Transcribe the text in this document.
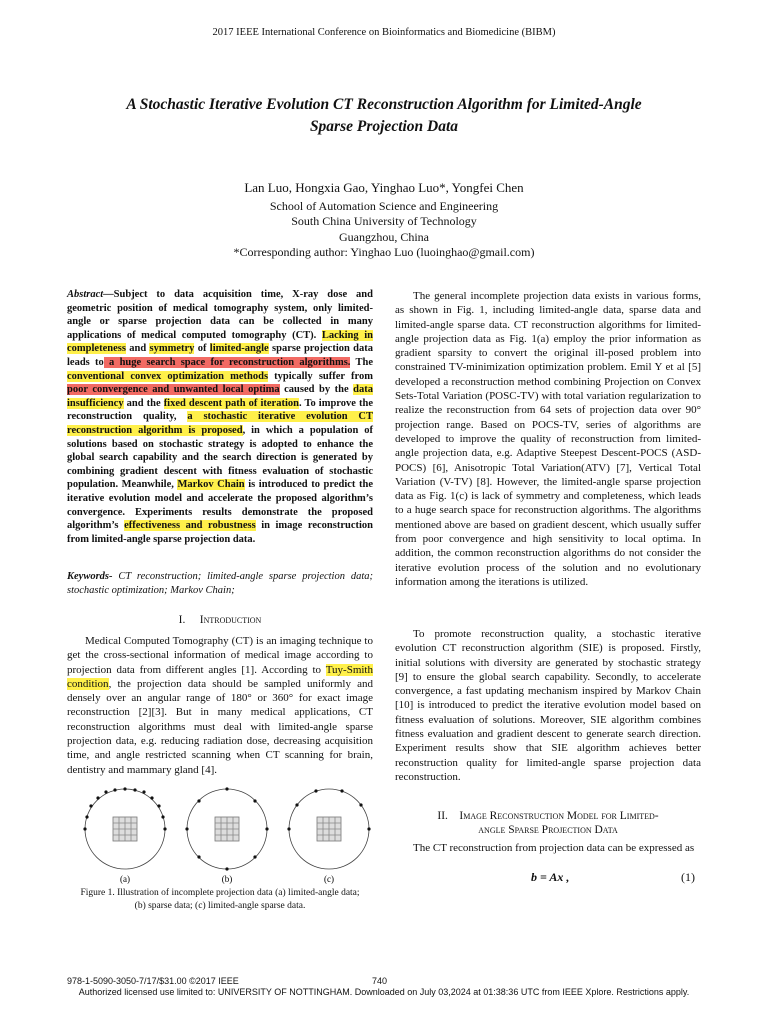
2017 IEEE International Conference on Bioinformatics and Biomedicine (BIBM)
A Stochastic Iterative Evolution CT Reconstruction Algorithm for Limited-Angle
Sparse Projection Data
Lan Luo, Hongxia Gao, Yinghao Luo*, Yongfei Chen
School of Automation Science and Engineering
South China University of Technology
Guangzhou, China
*Corresponding author: Yinghao Luo (luoinghao@gmail.com)
Abstract—Subject to data acquisition time, X-ray dose and geometric position of medical tomography system, only limited-angle or sparse projection data can be collected in many applications of medical computed tomography (CT). Lacking in completeness and symmetry of limited-angle sparse projection data leads to a huge search space for reconstruction algorithms. The conventional convex optimization methods typically suffer from poor convergence and unwanted local optima caused by the data insufficiency and the fixed descent path of iteration. To improve the reconstruction quality, a stochastic iterative evolution CT reconstruction algorithm is proposed, in which a population of solutions based on stochastic strategy is adopted to enhance the global search capability and the search direction is generated by combining gradient descent with fitness evaluation of stochastic population. Meanwhile, Markov Chain is introduced to predict the iterative evolution model and accelerate the proposed algorithm’s convergence. Experiments results demonstrate the proposed algorithm’s effectiveness and robustness in image reconstruction from limited-angle sparse projection data.
Keywords- CT reconstruction; limited-angle sparse projection data; stochastic optimization; Markov Chain;
I. Introduction
Medical Computed Tomography (CT) is an imaging technique to get the cross-sectional information of medical image according to projection data from different angles [1]. According to Tuy-Smith condition, the projection data should be sampled uniformly and densely over an angular range of 180° or 360° for exact image reconstruction [2][3]. But in many medical applications, CT reconstruction algorithms must deal with limited-angle sparse projection data, e.g. reducing radiation dose, decreasing acquisition time, and angle restricted scanning when CT scanning for brain, dentistry and mammary gland [4].
(a)	(b)	(c)
Figure 1. Illustration of incomplete projection data (a) limited-angle data;
(b) sparse data; (c) limited-angle sparse data.
The general incomplete projection data exists in various forms, as shown in Fig. 1, including limited-angle data, sparse data and limited-angle sparse data. CT reconstruction algorithms for limited-angle projection data as Fig. 1(a) employ the prior information as gradient sparsity to convert the original ill-posed problem into constrained TV-minimization optimization problem. Emil Y et al [5] developed a reconstruction method combining Projection on Convex Sets-Total Variation (POSC-TV) with total variation regularization to realize the reconstruction from 64 sets of projection data over 90° projection range. Based on POCS-TV, series of algorithms are developed to improve the quality of reconstruction from limited-angle projection data, e.g. Adaptive Steepest Descent-POCS (ASD-POCS) [6], Anisotropic Total Variation(ATV) [7], Vertical Total Variation (V-TV) [8]. However, the limited-angle sparse projection data as Fig. 1(c) is lack of symmetry and completeness, which leads to a huge search space for reconstruction algorithms. The algorithms mentioned above are based on gradient descent, which usually suffer from poor convergence and high sensitivity to local optima. In addition, the common reconstruction algorithms do not consider the iterative evolution process of the solution and no evolutionary information among the iterations is utilized.
To promote reconstruction quality, a stochastic iterative evolution CT reconstruction algorithm (SIE) is proposed. Firstly, initial solutions with diversity are generated by stochastic strategy [9] to ensure the global search capability. Secondly, to accelerate convergence, a fast updating mechanism inspired by Markov Chain [10] is introduced to predict the iterative evolution model based on fitness evaluation of solutions. Moreover, SIE algorithm combines fitness evaluation and gradient descent to generate search direction. Experiment results show that SIE algorithm achieves better reconstruction quality for limited-angle sparse projection data reconstruction.
II. Image Reconstruction Model for Limited-
angle Sparse Projection Data
The CT reconstruction from projection data can be expressed as
b = Ax ,	(1)
978-1-5090-3050-7/17/$31.00 ©2017 IEEE	740
Authorized licensed use limited to: UNIVERSITY OF NOTTINGHAM. Downloaded on July 03,2024 at 01:38:36 UTC from IEEE Xplore. Restrictions apply.
